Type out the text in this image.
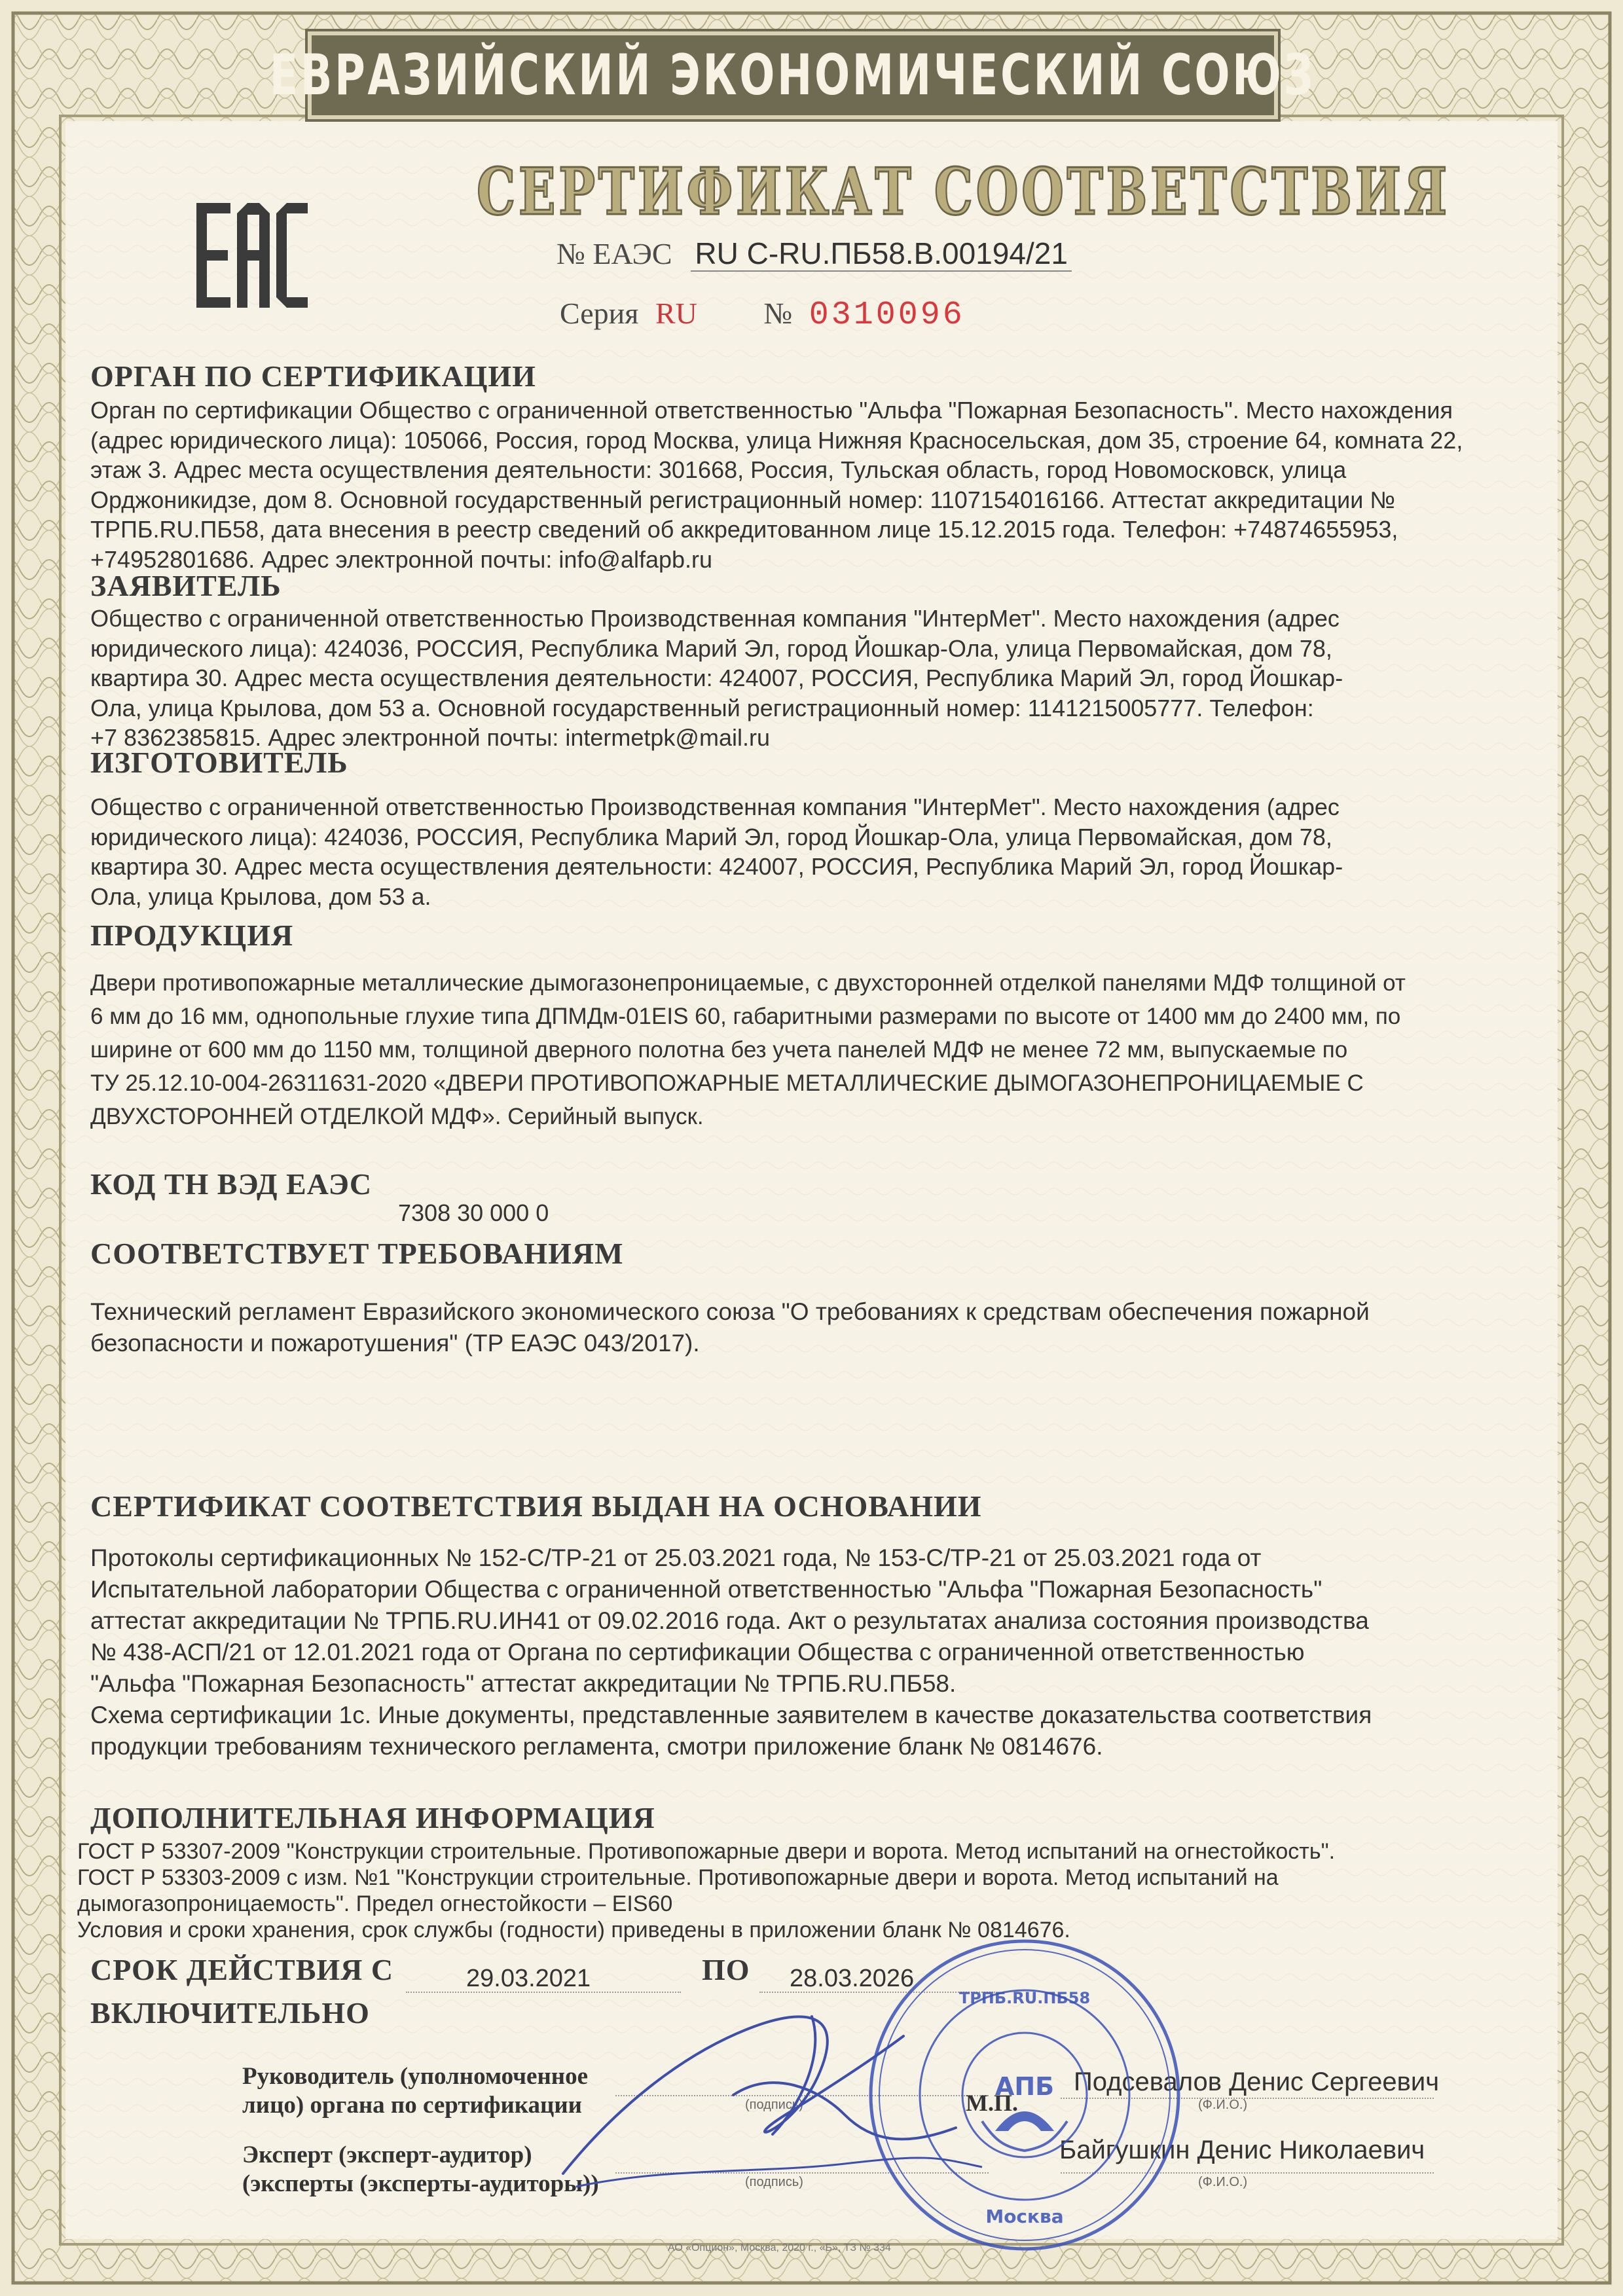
ЕВРАЗИЙСКИЙ ЭКОНОМИЧЕСКИЙ СОЮЗ
СЕРТИФИКАТ СООТВЕТСТВИЯ
№ ЕАЭС RU С-RU.ПБ58.В.00194/21
Серия RU № 0310096
ОРГАН ПО СЕРТИФИКАЦИИ

Орган по сертификации Общество с ограниченной ответственностью "Альфа "Пожарная Безопасность". Место нахождения

(адрес юридического лица): 105066, Россия, город Москва, улица Нижняя Красносельская, дом 35, строение 64, комната 22,

этаж 3. Адрес места осуществления деятельности: 301668, Россия, Тульская область, город Новомосковск, улица

Орджоникидзе, дом 8. Основной государственный регистрационный номер: 1107154016166. Аттестат аккредитации №

ТРПБ.RU.ПБ58, дата внесения в реестр сведений об аккредитованном лице 15.12.2015 года. Телефон: +74874655953,

+74952801686. Адрес электронной почты: info@alfapb.ru

ЗАЯВИТЕЛЬ

Общество с ограниченной ответственностью Производственная компания "ИнтерМет". Место нахождения (адрес

юридического лица): 424036, РОССИЯ, Республика Марий Эл, город Йошкар-Ола, улица Первомайская, дом 78,

квартира 30. Адрес места осуществления деятельности: 424007, РОССИЯ, Республика Марий Эл, город Йошкар-

Ола, улица Крылова, дом 53 а. Основной государственный регистрационный номер: 1141215005777. Телефон:

+7 8362385815. Адрес электронной почты: intermetpk@mail.ru

ИЗГОТОВИТЕЛЬ

Общество с ограниченной ответственностью Производственная компания "ИнтерМет". Место нахождения (адрес

юридического лица): 424036, РОССИЯ, Республика Марий Эл, город Йошкар-Ола, улица Первомайская, дом 78,

квартира 30. Адрес места осуществления деятельности: 424007, РОССИЯ, Республика Марий Эл, город Йошкар-

Ола, улица Крылова, дом 53 а.

ПРОДУКЦИЯ

Двери противопожарные металлические дымогазонепроницаемые, с двухсторонней отделкой панелями МДФ толщиной от

6 мм до 16 мм, однопольные глухие типа ДПМДм-01EIS 60, габаритными размерами по высоте от 1400 мм до 2400 мм, по

ширине от 600 мм до 1150 мм, толщиной дверного полотна без учета панелей МДФ не менее 72 мм, выпускаемые по

ТУ 25.12.10-004-26311631-2020 «ДВЕРИ ПРОТИВОПОЖАРНЫЕ МЕТАЛЛИЧЕСКИЕ ДЫМОГАЗОНЕПРОНИЦАЕМЫЕ С

ДВУХСТОРОННЕЙ ОТДЕЛКОЙ МДФ». Серийный выпуск.

КОД ТН ВЭД ЕАЭС
7308 30 000 0
СООТВЕТСТВУЕТ ТРЕБОВАНИЯМ

Технический регламент Евразийского экономического союза "О требованиях к средствам обеспечения пожарной

безопасности и пожаротушения" (ТР ЕАЭС 043/2017).

СЕРТИФИКАТ СООТВЕТСТВИЯ ВЫДАН НА ОСНОВАНИИ

Протоколы сертификационных № 152-С/ТР-21 от 25.03.2021 года, № 153-С/ТР-21 от 25.03.2021 года от

Испытательной лаборатории Общества с ограниченной ответственностью "Альфа "Пожарная Безопасность"

аттестат аккредитации № ТРПБ.RU.ИН41 от 09.02.2016 года. Акт о результатах анализа состояния производства

№ 438-АСП/21 от 12.01.2021 года от Органа по сертификации Общества с ограниченной ответственностью

"Альфа "Пожарная Безопасность" аттестат аккредитации № ТРПБ.RU.ПБ58.

Схема сертификации 1с. Иные документы, представленные заявителем в качестве доказательства соответствия

продукции требованиям технического регламента, смотри приложение бланк № 0814676.

ДОПОЛНИТЕЛЬНАЯ ИНФОРМАЦИЯ

ГОСТ Р 53307-2009 "Конструкции строительные. Противопожарные двери и ворота. Метод испытаний на огнестойкость".

ГОСТ Р 53303-2009 с изм. №1 "Конструкции строительные. Противопожарные двери и ворота. Метод испытаний на

дымогазопроницаемость". Предел огнестойкости – EIS60

Условия и сроки хранения, срок службы (годности) приведены в приложении бланк № 0814676.

СРОК ДЕЙСТВИЯ С	29.03.2021	ПО 28.03.2026
ВКЛЮЧИТЕЛЬНО
Руководитель (уполномоченное
лицо) органа по сертификации	(подпись)
Подсевалов Денис Сергеевич
(Ф.И.О.)
М.П.
Эксперт (эксперт-аудитор)
(эксперты (эксперты-аудиторы))	(подпись)
Байгушкин Денис Николаевич
(Ф.И.О.)
АПБ
ТРПБ.RU.ПБ58
Москва
АО «Опцион», Москва, 2020 г., «Б», ТЗ № 334
